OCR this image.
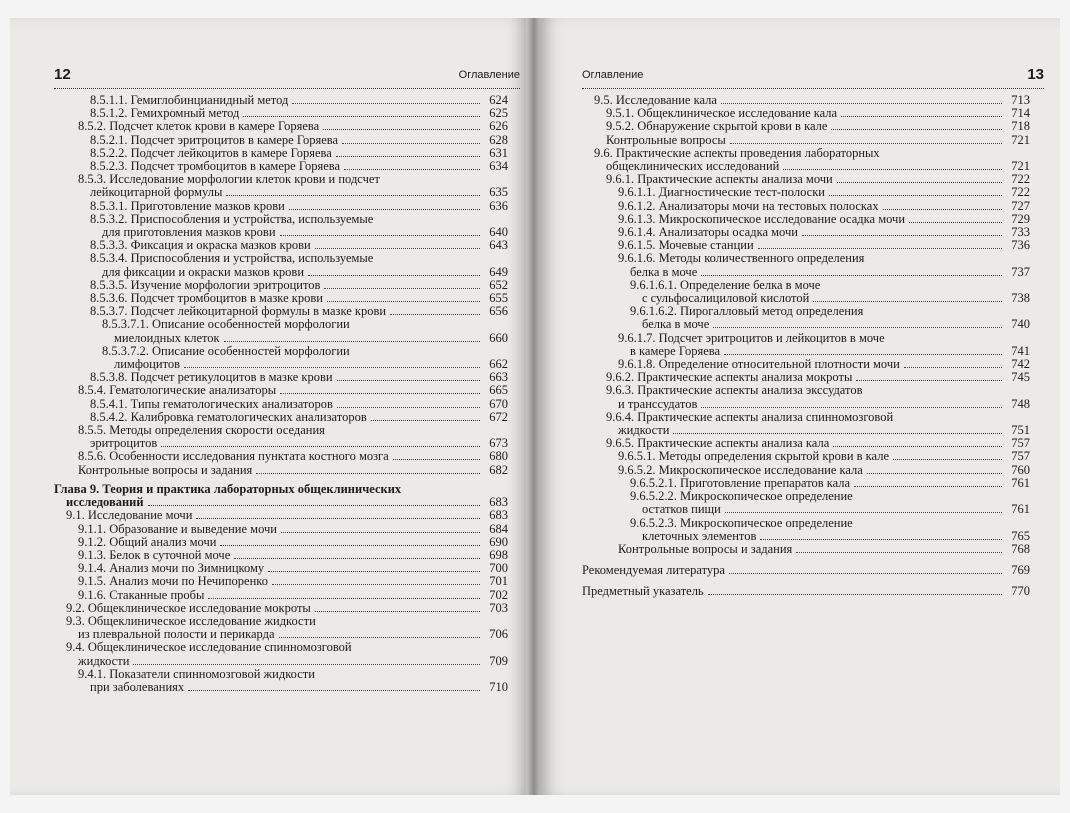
12	Оглавление
8.5.1.1. Гемиглобинцианидный метод	624
8.5.1.2. Гемихромный метод	625
8.5.2. Подсчет клеток крови в камере Горяева	626
8.5.2.1. Подсчет эритроцитов в камере Горяева	628
8.5.2.2. Подсчет лейкоцитов в камере Горяева	631
8.5.2.3. Подсчет тромбоцитов в камере Горяева	634
8.5.3. Исследование морфологии клеток крови и подсчет
лейкоцитарной формулы	635
8.5.3.1. Приготовление мазков крови	636
8.5.3.2. Приспособления и устройства, используемые
для приготовления мазков крови	640
8.5.3.3. Фиксация и окраска мазков крови	643
8.5.3.4. Приспособления и устройства, используемые
для фиксации и окраски мазков крови	649
8.5.3.5. Изучение морфологии эритроцитов	652
8.5.3.6. Подсчет тромбоцитов в мазке крови	655
8.5.3.7. Подсчет лейкоцитарной формулы в мазке крови	656
8.5.3.7.1. Описание особенностей морфологии
миелоидных клеток	660
8.5.3.7.2. Описание особенностей морфологии
лимфоцитов	662
8.5.3.8. Подсчет ретикулоцитов в мазке крови	663
8.5.4. Гематологические анализаторы	665
8.5.4.1. Типы гематологических анализаторов	670
8.5.4.2. Калибровка гематологических анализаторов	672
8.5.5. Методы определения скорости оседания
эритроцитов	673
8.5.6. Особенности исследования пунктата костного мозга	680
Контрольные вопросы и задания	682
Глава 9. Теория и практика лабораторных общеклинических
исследований	683
9.1. Исследование мочи	683
9.1.1. Образование и выведение мочи	684
9.1.2. Общий анализ мочи	690
9.1.3. Белок в суточной моче	698
9.1.4. Анализ мочи по Зимницкому	700
9.1.5. Анализ мочи по Нечипоренко	701
9.1.6. Стаканные пробы	702
9.2. Общеклиническое исследование мокроты	703
9.3. Общеклиническое исследование жидкости
из плевральной полости и перикарда	706
9.4. Общеклиническое исследование спинномозговой
жидкости	709
9.4.1. Показатели спинномозговой жидкости
при заболеваниях	710
Оглавление	13
9.5. Исследование кала	713
9.5.1. Общеклиническое исследование кала	714
9.5.2. Обнаружение скрытой крови в кале	718
Контрольные вопросы	721
9.6. Практические аспекты проведения лабораторных
общеклинических исследований	721
9.6.1. Практические аспекты анализа мочи	722
9.6.1.1. Диагностические тест-полоски	722
9.6.1.2. Анализаторы мочи на тестовых полосках	727
9.6.1.3. Микроскопическое исследование осадка мочи	729
9.6.1.4. Анализаторы осадка мочи	733
9.6.1.5. Мочевые станции	736
9.6.1.6. Методы количественного определения
белка в моче	737
9.6.1.6.1. Определение белка в моче
с сульфосалициловой кислотой	738
9.6.1.6.2. Пирогалловый метод определения
белка в моче	740
9.6.1.7. Подсчет эритроцитов и лейкоцитов в моче
в камере Горяева	741
9.6.1.8. Определение относительной плотности мочи	742
9.6.2. Практические аспекты анализа мокроты	745
9.6.3. Практические аспекты анализа экссудатов
и транссудатов	748
9.6.4. Практические аспекты анализа спинномозговой
жидкости	751
9.6.5. Практические аспекты анализа кала	757
9.6.5.1. Методы определения скрытой крови в кале	757
9.6.5.2. Микроскопическое исследование кала	760
9.6.5.2.1. Приготовление препаратов кала	761
9.6.5.2.2. Микроскопическое определение
остатков пищи	761
9.6.5.2.3. Микроскопическое определение
клеточных элементов	765
Контрольные вопросы и задания	768
Рекомендуемая литература	769
Предметный указатель	770
